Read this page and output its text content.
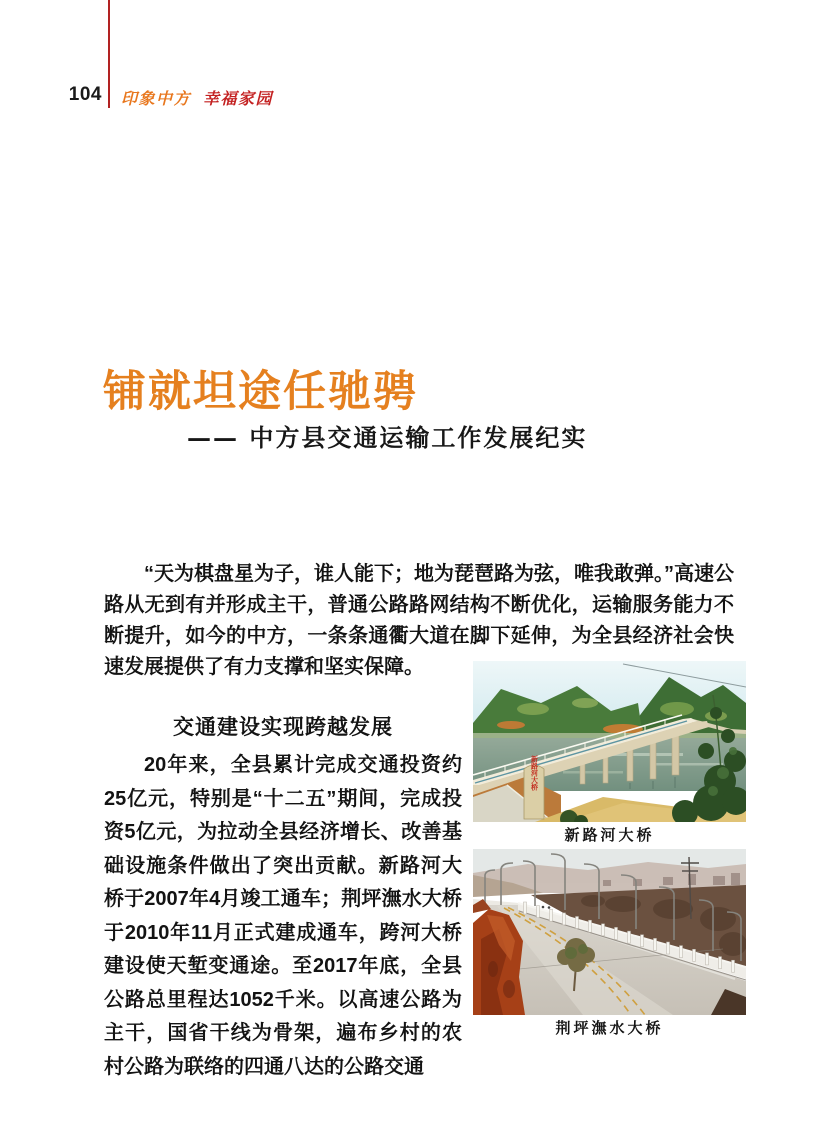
104 印象中方 幸福家园
铺就坦途任驰骋
—— 中方县交通运输工作发展纪实

“天为棋盘星为子，谁人能下；地为琵琶路为弦，唯我敢弹。”高速公路从无到有并形成主干，普通公路路网结构不断优化，运输服务能力不断提升，如今的中方，一条条通衢大道在脚下延伸，为全县经济社会快速发展提供了有力支撑和坚实保障。

交通建设实现跨越发展

20年来，全县累计完成交通投资约25亿元，特别是“十二五”期间，完成投资5亿元，为拉动全县经济增长、改善基础设施条件做出了突出贡献。新路河大桥于2007年4月竣工通车；荆坪潕水大桥于2010年11月正式建成通车，跨河大桥建设使天堑变通途。至2017年底，全县公路总里程达1052千米。以高速公路为主干，国省干线为骨架，遍布乡村的农村公路为联络的四通八达的公路交通

新路河大桥
新路河大桥
荆坪潕水大桥
